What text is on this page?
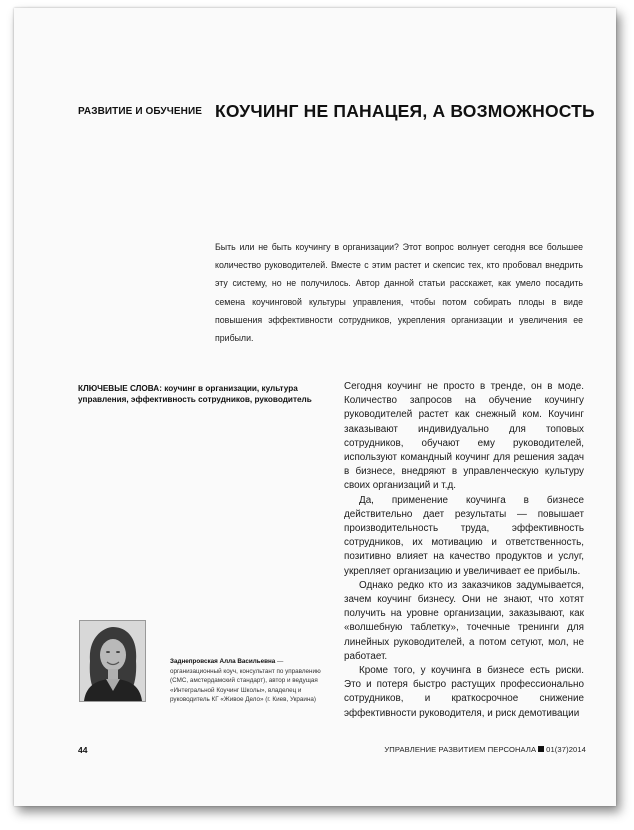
РАЗВИТИЕ И ОБУЧЕНИЕ КОУЧИНГ НЕ ПАНАЦЕЯ, А ВОЗМОЖНОСТЬ
Быть или не быть коучингу в организации? Этот вопрос волнует сегодня все большее количество руководителей. Вместе с этим растет и скепсис тех, кто пробовал внедрить эту систему, но не получилось. Автор данной статьи расскажет, как умело посадить семена коучинговой культуры управления, чтобы потом собирать плоды в виде повышения эффективности сотрудников, укрепления организации и увеличения ее прибыли.
КЛЮЧЕВЫЕ СЛОВА: коучинг в организации, культура управления, эффективность сотрудников, руководитель

Сегодня коучинг не просто в тренде, он в моде. Количество запросов на обучение коучингу руководителей растет как снежный ком. Коучинг заказывают индивидуально для топовых сотрудников, обучают ему руководителей, используют командный коучинг для решения задач в бизнесе, внедряют в управленческую культуру своих организаций и т.д.

Да, применение коучинга в бизнесе действительно дает результаты — повышает производительность труда, эффективность сотрудников, их мотивацию и ответственность, позитивно влияет на качество продуктов и услуг, укрепляет организацию и увеличивает ее прибыль.

Однако редко кто из заказчиков задумывается, зачем коучинг бизнесу. Они не знают, что хотят получить на уровне организации, заказывают, как «волшебную таблетку», точечные тренинги для линейных руководителей, а потом сетуют, мол, не работает.

Кроме того, у коучинга в бизнесе есть риски. Это и потеря быстро растущих профессионально сотрудников, и краткосрочное снижение эффективности руководителя, и риск демотивации

Заднепровская Алла Васильевна — организационный коуч, консультант по управлению (CMC, амстердамский стандарт), автор и ведущая «Интегральной Коучинг Школы», владелец и руководитель КГ «Живое Дело» (г. Киев, Украина)
44	УПРАВЛЕНИЕ РАЗВИТИЕМ ПЕРСОНАЛА 01(37)2014
